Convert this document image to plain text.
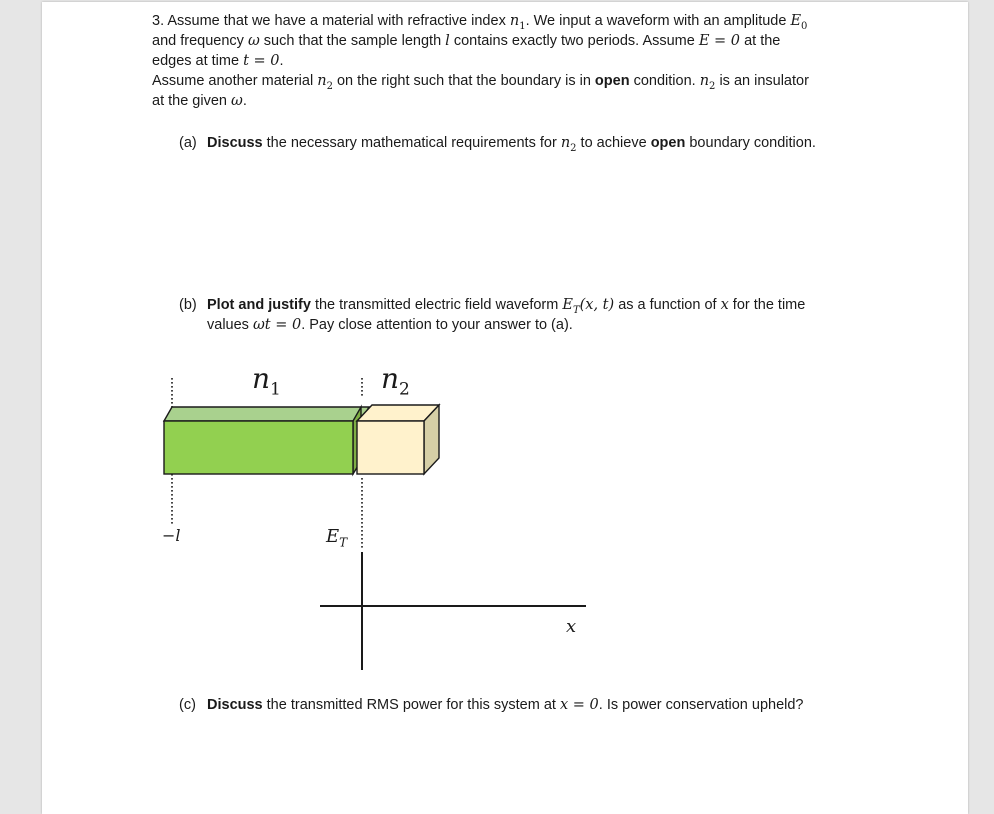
3. Assume that we have a material with refractive index $n_1$. We input a waveform with an amplitude $E_0$
and frequency ω such that the sample length l contains exactly two periods. Assume E = 0 at the
edges at time t = 0.
Assume another material $n_2$ on the right such that the boundary is in open condition. $n_2$ is an insulator
at the given ω.
(a) Discuss the necessary mathematical requirements for $n_2$ to achieve open boundary condition.
(b) Plot and justify the transmitted electric field waveform $E_T(x$, t) as a function of x for the time
values ωt = 0. Pay close attention to your answer to (a).
$n_1$	$n_2$
−l	$E_T$
x
(c) Discuss the transmitted RMS power for this system at x = 0. Is power conservation upheld?
